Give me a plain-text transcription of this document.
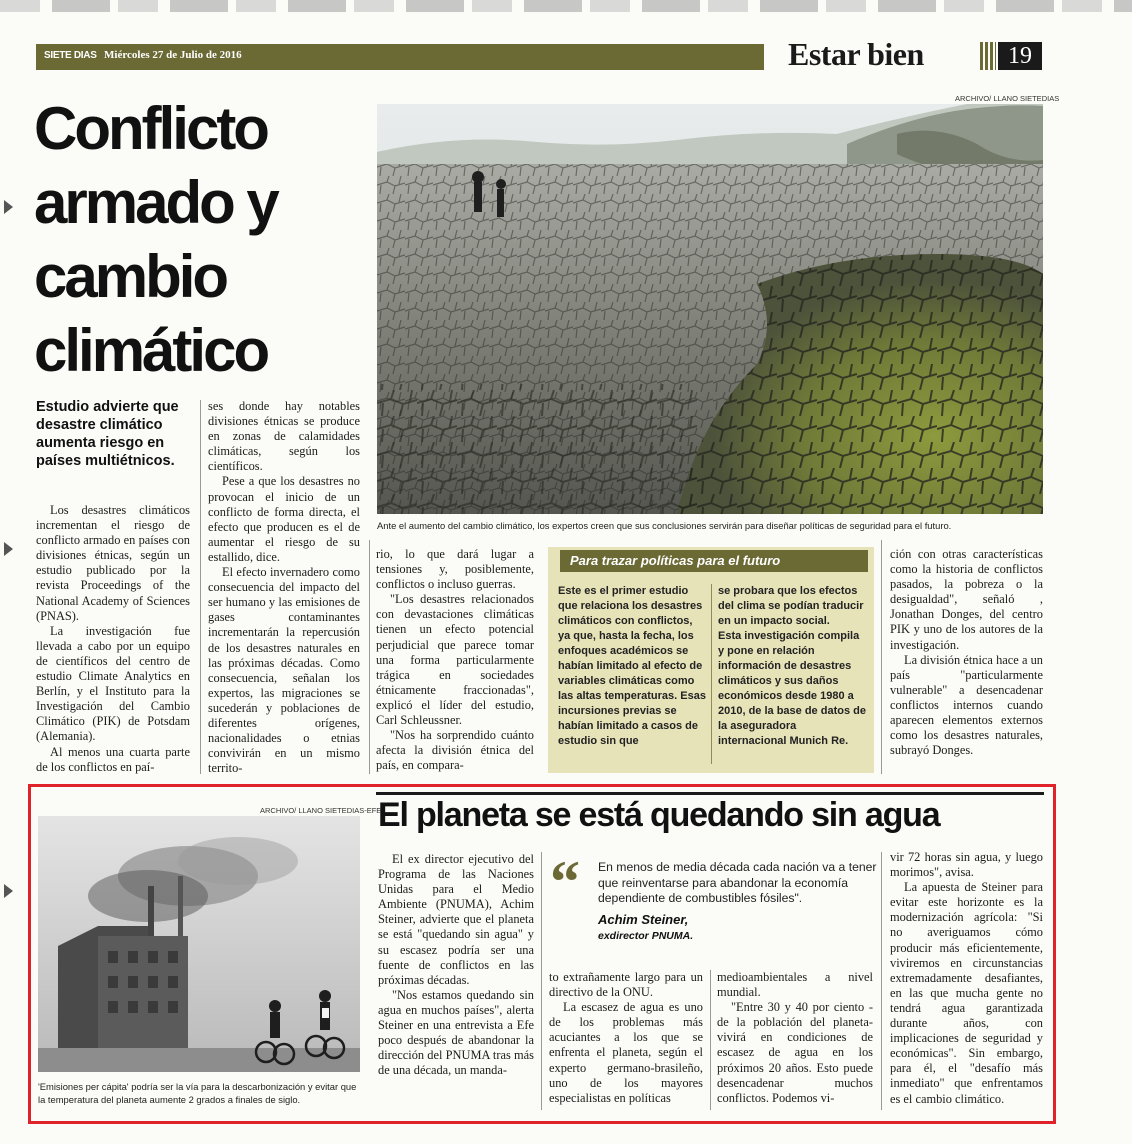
SIETE DIAS Miércoles 27 de Julio de 2016	Estar bien	19
Conflicto
armado y
cambio
climático
Estudio advierte que desastre climático aumenta riesgo en países multiétnicos.
ARCHIVO/ LLANO SIETEDIAS
Ante el aumento del cambio climático, los expertos creen que sus conclusiones servirán para diseñar políticas de seguridad para el futuro.

Los desastres climáticos incrementan el riesgo de conflicto armado en países con divisiones étnicas, según un estudio publicado por la revista Proceedings of the National Academy of Sciences (PNAS).

La investigación fue llevada a cabo por un equipo de científicos del centro de estudio Climate Analytics en Berlín, y el Instituto para la Investigación del Cambio Climático (PIK) de Potsdam (Alemania).

Al menos una cuarta parte de los conflictos en paí-

ses donde hay notables divisiones étnicas se produce en zonas de calamidades climáticas, según los científicos.

Pese a que los desastres no provocan el inicio de un conflicto de forma directa, el efecto que producen es el de aumentar el riesgo de su estallido, dice.

El efecto invernadero como consecuencia del impacto del ser humano y las emisiones de gases contaminantes incrementarán la repercusión de los desastres naturales en las próximas décadas. Como consecuencia, señalan los expertos, las migraciones se sucederán y poblaciones de diferentes orígenes, nacionalidades o etnias convivirán en un mismo territo-

rio, lo que dará lugar a tensiones y, posiblemente, conflictos o incluso guerras.

"Los desastres relacionados con devastaciones climáticas tienen un efecto potencial perjudicial que parece tomar una forma particularmente trágica en sociedades étnicamente fraccionadas", explicó el líder del estudio, Carl Schleussner.

"Nos ha sorprendido cuánto afecta la división étnica del país, en compara-

Para trazar políticas para el futuro

Este es el primer estudio que relaciona los desastres climáticos con conflictos, ya que, hasta la fecha, los enfoques académicos se habían limitado al efecto de variables climáticas como las altas temperaturas. Esas incursiones previas se habían limitado a casos de estudio sin que

se probara que los efectos del clima se podían traducir en un impacto social.

Esta investigación compila y pone en relación información de desastres climáticos y sus daños económicos desde 1980 a 2010, de la base de datos de la aseguradora internacional Munich Re.

ción con otras características como la historia de conflictos pasados, la pobreza o la desigualdad", señaló , Jonathan Donges, del centro PIK y uno de los autores de la investigación.

La división étnica hace a un país "particularmente vulnerable" a desencadenar conflictos internos cuando aparecen elementos externos como los desastres naturales, subrayó Donges.

El planeta se está quedando sin agua
ARCHIVO/ LLANO SIETEDIAS-EFE
'Emisiones per cápita' podría ser la vía para la descarbonización y evitar que la temperatura del planeta aumente 2 grados a finales de siglo.

El ex director ejecutivo del Programa de las Naciones Unidas para el Medio Ambiente (PNUMA), Achim Steiner, advierte que el planeta se está "quedando sin agua" y su escasez podría ser una fuente de conflictos en las próximas décadas.

"Nos estamos quedando sin agua en muchos países", alerta Steiner en una entrevista a Efe poco después de abandonar la dirección del PNUMA tras más de una década, un manda-

“ En menos de media década cada nación va a tener que reinventarse para abandonar la economía dependiente de combustibles fósiles".
Achim Steiner,
exdirector PNUMA.

to extrañamente largo para un directivo de la ONU.

La escasez de agua es uno de los problemas más acuciantes a los que se enfrenta el planeta, según el experto germano-brasileño, uno de los mayores especialistas en políticas

medioambientales a nivel mundial.

"Entre 30 y 40 por ciento -de la población del planeta- vivirá en condiciones de escasez de agua en los próximos 20 años. Esto puede desencadenar muchos conflictos. Podemos vi-

vir 72 horas sin agua, y luego morimos", avisa.

La apuesta de Steiner para evitar este horizonte es la modernización agrícola: "Si no averiguamos cómo producir más eficientemente, viviremos en circunstancias extremadamente desafiantes, en las que mucha gente no tendrá agua garantizada durante años, con implicaciones de seguridad y económicas". Sin embargo, para él, el "desafío más inmediato" que enfrentamos es el cambio climático.
